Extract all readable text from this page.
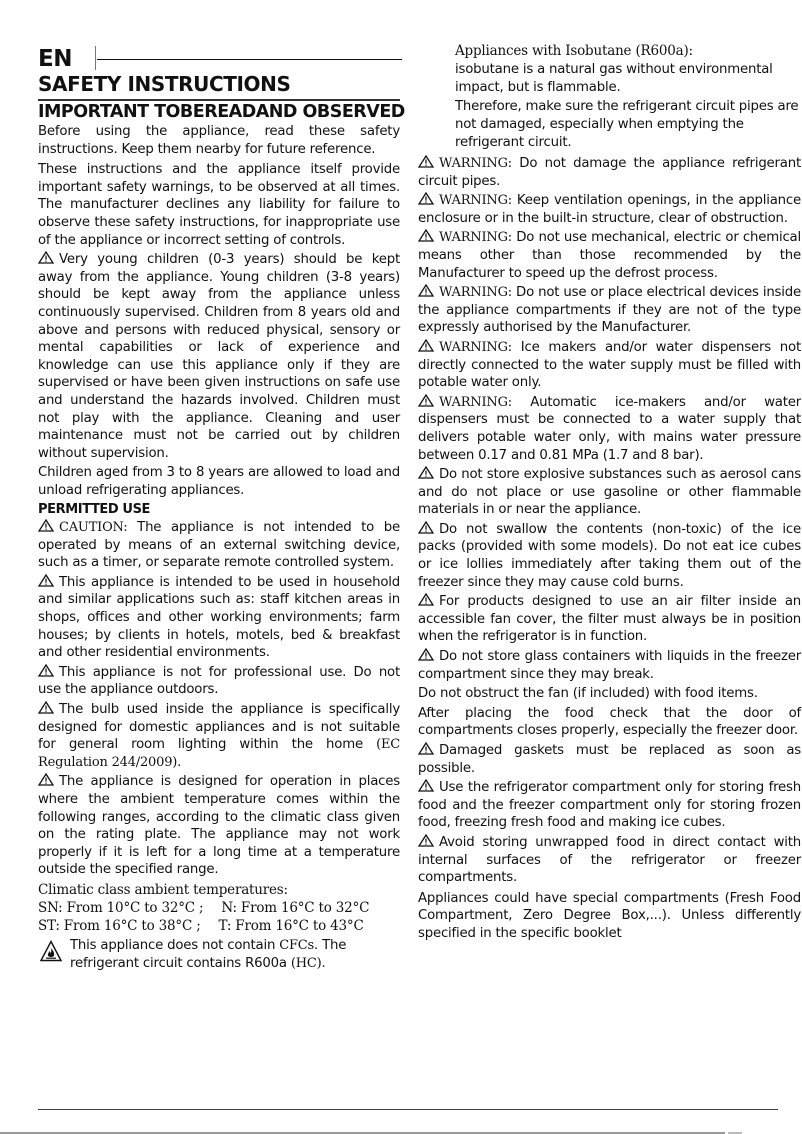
EN
SAFETY INSTRUCTIONS
IMPORTANT TOBEREADAND OBSERVED

Before using the appliance, read these safety instructions. Keep them nearby for future reference.

These instructions and the appliance itself provide important safety warnings, to be observed at all times. The manufacturer declines any liability for failure to observe these safety instructions, for inappropriate use of the appliance or incorrect setting of controls.

Very young children (0-3 years) should be kept away from the appliance. Young children (3-8 years) should be kept away from the appliance unless continuously supervised. Children from 8 years old and above and persons with reduced physical, sensory or mental capabilities or lack of experience and knowledge can use this appliance only if they are supervised or have been given instructions on safe use and understand the hazards involved. Children must not play with the appliance. Cleaning and user maintenance must not be carried out by children without supervision.

Children aged from 3 to 8 years are allowed to load and unload refrigerating appliances.

PERMITTED USE

CAUTION: The appliance is not intended to be operated by means of an external switching device, such as a timer, or separate remote controlled system.

This appliance is intended to be used in household and similar applications such as: staff kitchen areas in shops, offices and other working environments; farm houses; by clients in hotels, motels, bed & breakfast and other residential environments.

This appliance is not for professional use. Do not use the appliance outdoors.

The bulb used inside the appliance is specifically designed for domestic appliances and is not suitable for general room lighting within the home (EC Regulation 244/2009).

The appliance is designed for operation in places where the ambient temperature comes within the following ranges, according to the climatic class given on the rating plate. The appliance may not work properly if it is left for a long time at a temperature outside the specified range.

Climatic class ambient temperatures:
SN: From 10°C to 32°C ; N: From 16°C to 32°C
ST: From 16°C to 38°C ; T: From 16°C to 43°C
This appliance does not contain CFCs. The refrigerant circuit contains R600a (HC).
Appliances with Isobutane (R600a):
isobutane is a natural gas without environmental impact, but is flammable.
Therefore, make sure the refrigerant circuit pipes are not damaged, especially when emptying the refrigerant circuit.

WARNING: Do not damage the appliance refrigerant circuit pipes.

WARNING: Keep ventilation openings, in the appliance enclosure or in the built-in structure, clear of obstruction.

WARNING: Do not use mechanical, electric or chemical means other than those recommended by the Manufacturer to speed up the defrost process.

WARNING: Do not use or place electrical devices inside the appliance compartments if they are not of the type expressly authorised by the Manufacturer.

WARNING: Ice makers and/or water dispensers not directly connected to the water supply must be filled with potable water only.

WARNING: Automatic ice-makers and/or water dispensers must be connected to a water supply that delivers potable water only, with mains water pressure between 0.17 and 0.81 MPa (1.7 and 8 bar).

Do not store explosive substances such as aerosol cans and do not place or use gasoline or other flammable materials in or near the appliance.

Do not swallow the contents (non-toxic) of the ice packs (provided with some models). Do not eat ice cubes or ice lollies immediately after taking them out of the freezer since they may cause cold burns.

For products designed to use an air filter inside an accessible fan cover, the filter must always be in position when the refrigerator is in function.

Do not store glass containers with liquids in the freezer compartment since they may break.

Do not obstruct the fan (if included) with food items.

After placing the food check that the door of compartments closes properly, especially the freezer door.

Damaged gaskets must be replaced as soon as possible.

Use the refrigerator compartment only for storing fresh food and the freezer compartment only for storing frozen food, freezing fresh food and making ice cubes.

Avoid storing unwrapped food in direct contact with internal surfaces of the refrigerator or freezer compartments.

Appliances could have special compartments (Fresh Food Compartment, Zero Degree Box,...). Unless differently specified in the specific booklet
